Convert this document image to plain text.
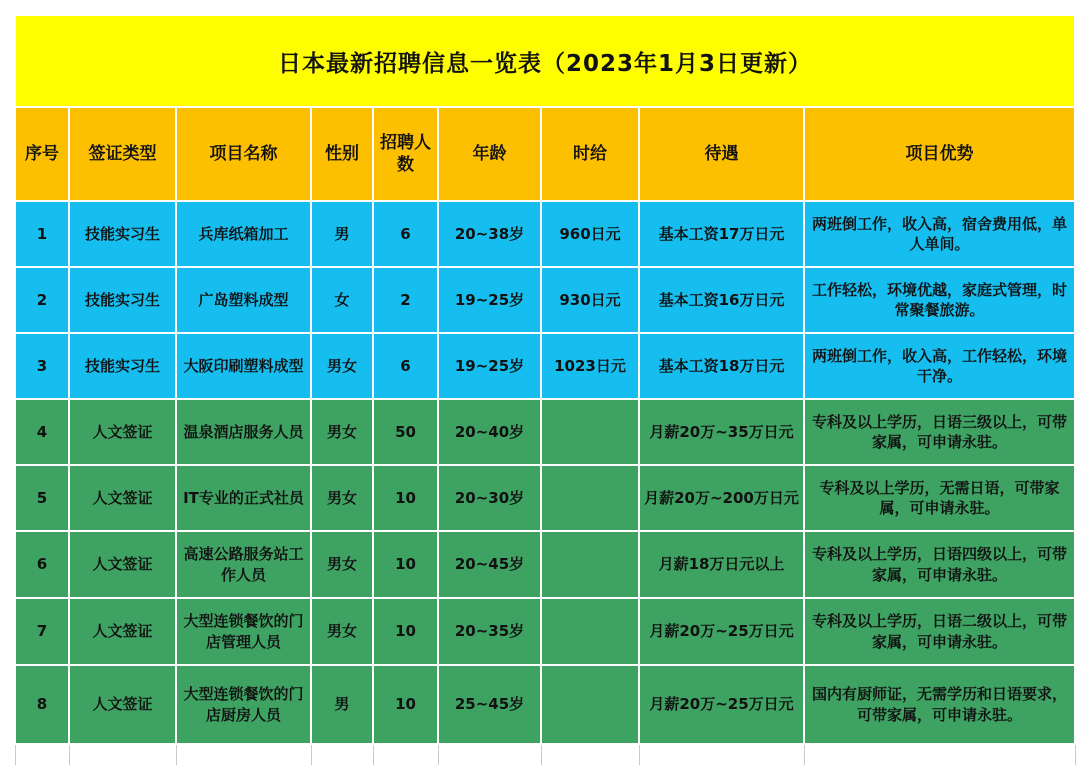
日本最新招聘信息一览表（2023年1月3日更新）								
序号	签证类型	项目名称	性别	招聘人数	年龄	时给	待遇	项目优势
1	技能实习生	兵库纸箱加工	男	6	20~38岁	960日元	基本工资17万日元	两班倒工作，收入高，宿舍费用低，单人单间。
2	技能实习生	广岛塑料成型	女	2	19~25岁	930日元	基本工资16万日元	工作轻松，环境优越，家庭式管理，时常聚餐旅游。
3	技能实习生	大阪印刷塑料成型	男女	6	19~25岁	1023日元	基本工资18万日元	两班倒工作，收入高，工作轻松，环境干净。
4	人文签证	温泉酒店服务人员	男女	50	20~40岁		月薪20万~35万日元	专科及以上学历，日语三级以上，可带家属，可申请永驻。
5	人文签证	IT专业的正式社员	男女	10	20~30岁		月薪20万~200万日元	专科及以上学历，无需日语，可带家属，可申请永驻。
6	人文签证	高速公路服务站工作人员	男女	10	20~45岁		月薪18万日元以上	专科及以上学历，日语四级以上，可带家属，可申请永驻。
7	人文签证	大型连锁餐饮的门店管理人员	男女	10	20~35岁		月薪20万~25万日元	专科及以上学历，日语二级以上，可带家属，可申请永驻。
8	人文签证	大型连锁餐饮的门店厨房人员	男	10	25~45岁		月薪20万~25万日元	国内有厨师证，无需学历和日语要求，可带家属，可申请永驻。
